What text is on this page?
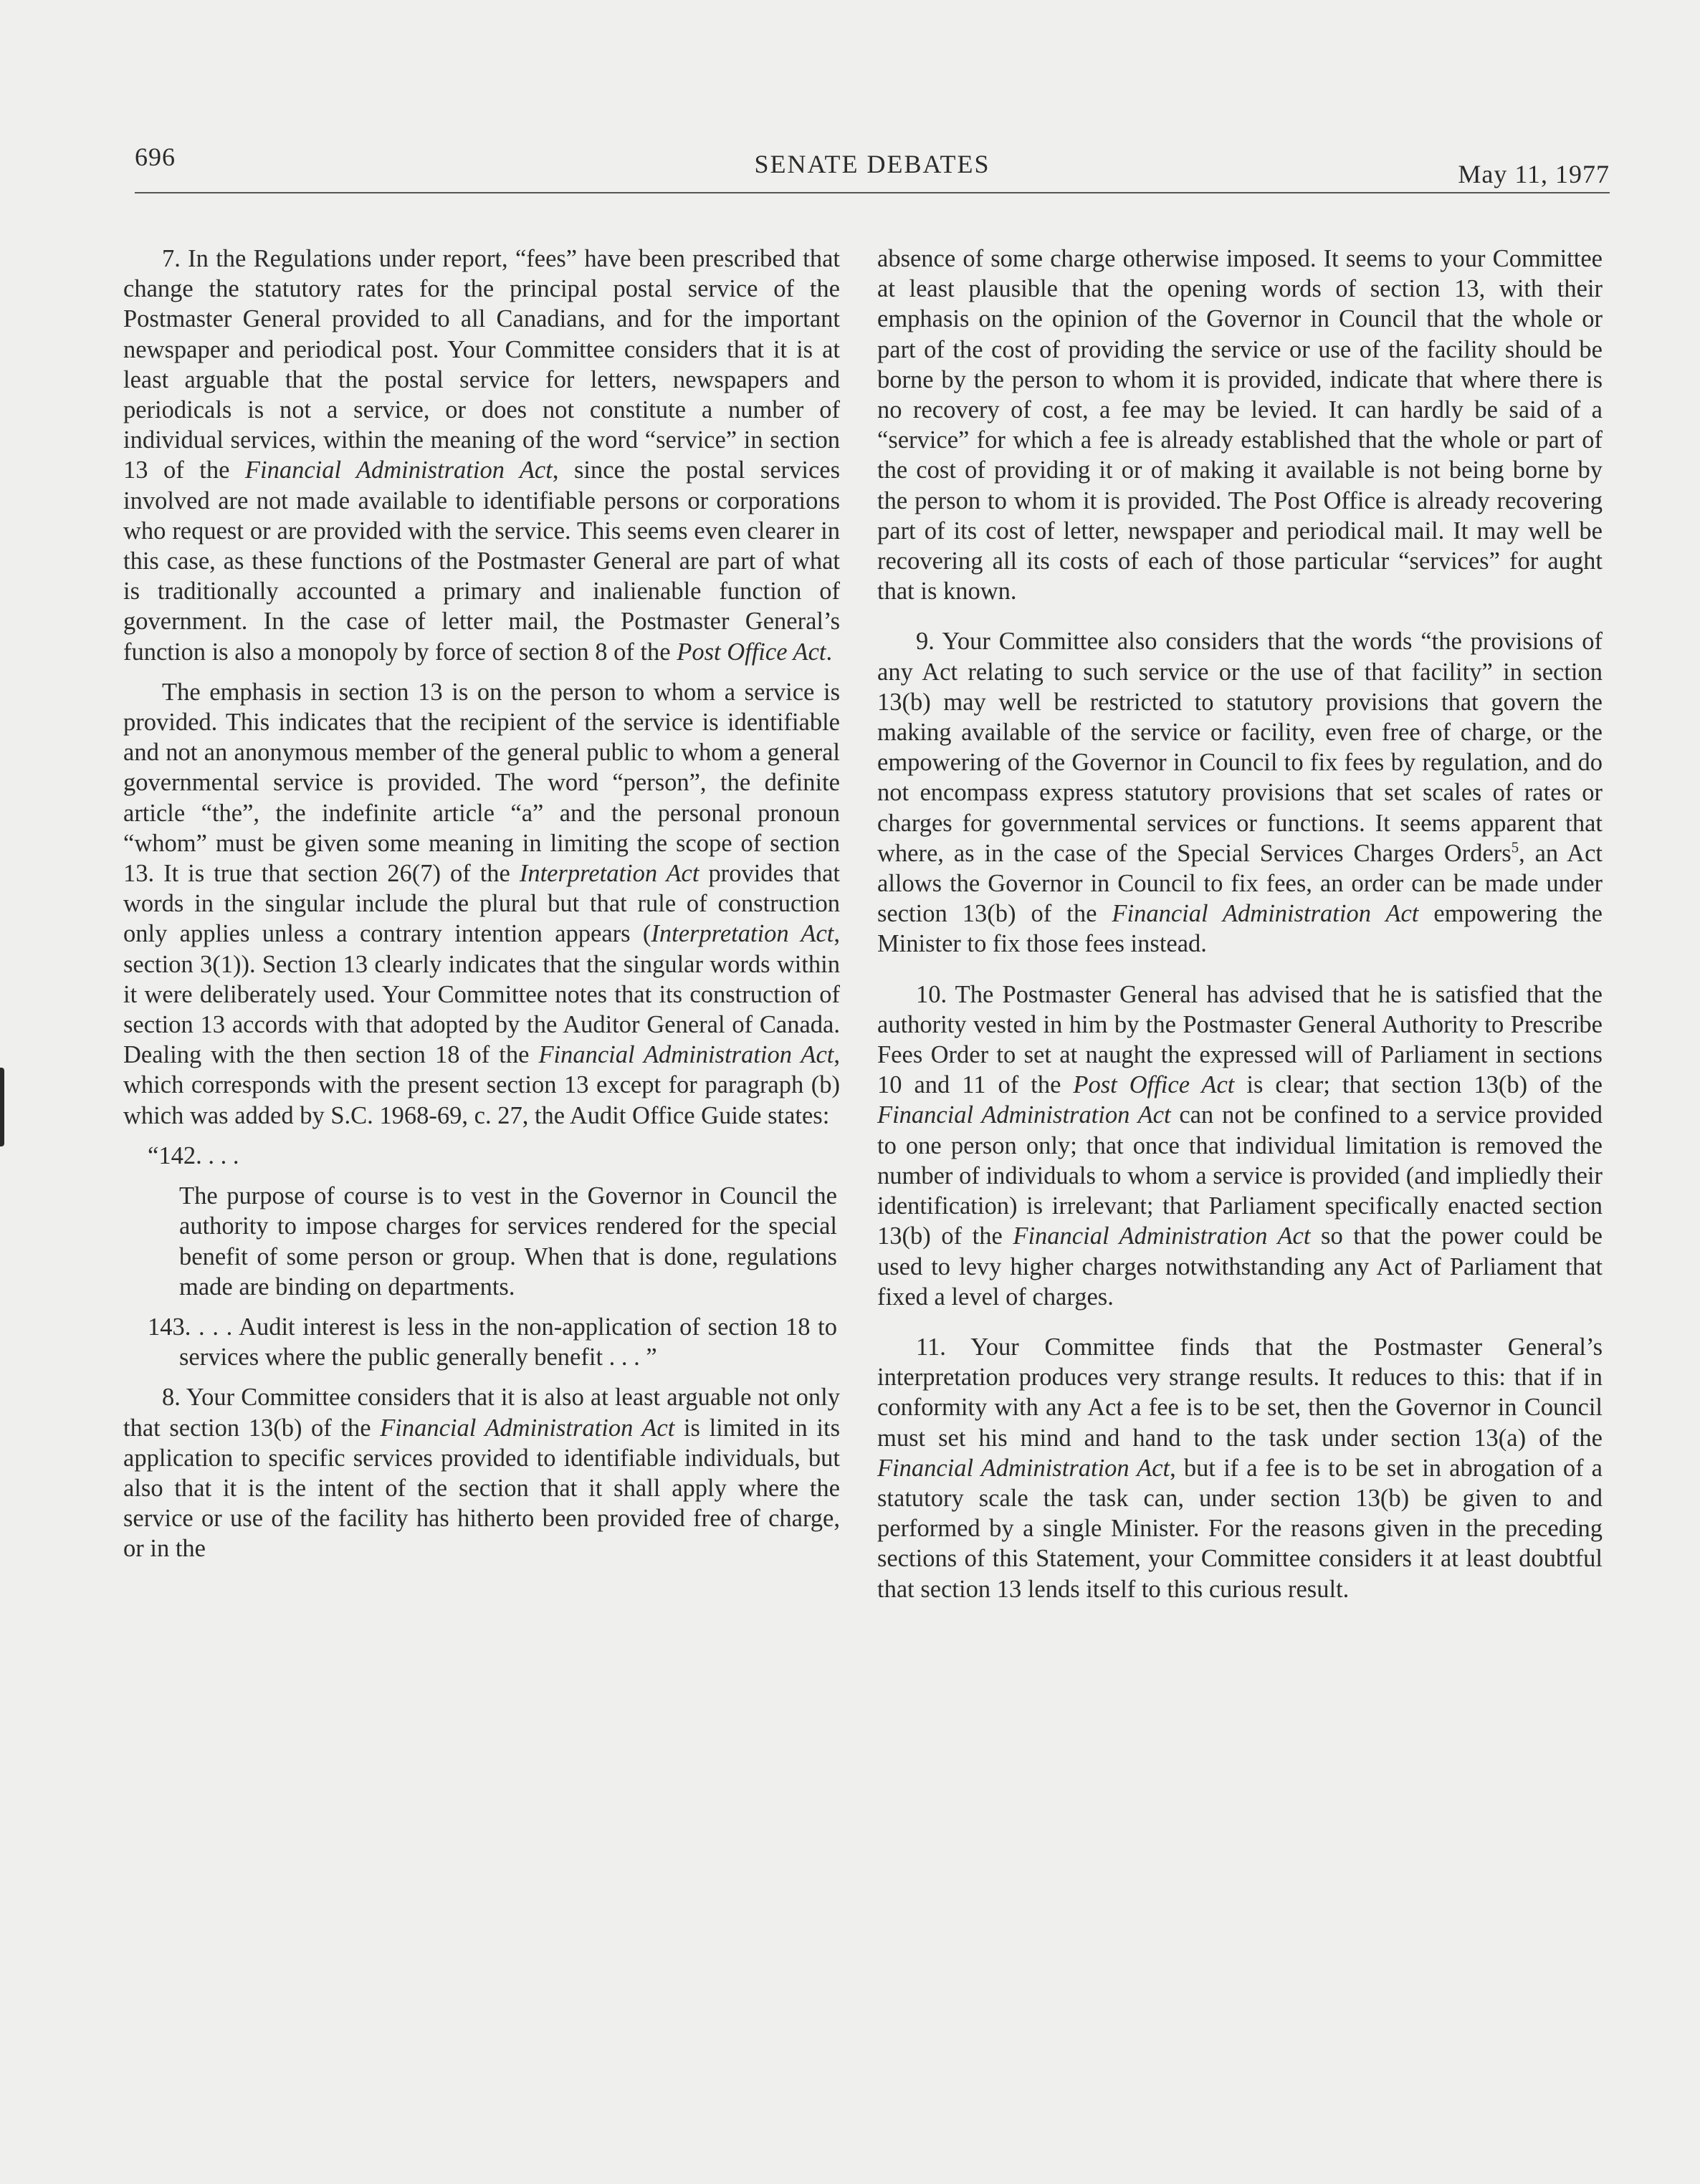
696	SENATE DEBATES	May 11, 1977

7. In the Regulations under report, “fees” have been prescribed that change the statutory rates for the principal postal service of the Postmaster General provided to all Canadians, and for the important newspaper and periodical post. Your Committee considers that it is at least arguable that the postal service for letters, newspapers and periodicals is not a service, or does not constitute a number of individual services, within the meaning of the word “service” in section 13 of the Financial Administration Act, since the postal services involved are not made available to identifiable persons or corporations who request or are provided with the service. This seems even clearer in this case, as these functions of the Postmaster General are part of what is traditionally accounted a primary and inalienable function of government. In the case of letter mail, the Postmaster General’s function is also a monopoly by force of section 8 of the Post Office Act.

The emphasis in section 13 is on the person to whom a service is provided. This indicates that the recipient of the service is identifiable and not an anonymous member of the general public to whom a general governmental service is provided. The word “person”, the definite article “the”, the indefinite article “a” and the personal pronoun “whom” must be given some meaning in limiting the scope of section 13. It is true that section 26(7) of the Interpretation Act provides that words in the singular include the plural but that rule of construction only applies unless a contrary intention appears (Interpretation Act, section 3(1)). Section 13 clearly indicates that the singular words within it were deliberately used. Your Committee notes that its construction of section 13 accords with that adopted by the Auditor General of Canada. Dealing with the then section 18 of the Financial Administration Act, which corresponds with the present section 13 except for paragraph (b) which was added by S.C. 1968-69, c. 27, the Audit Office Guide states:

“142. . . .

The purpose of course is to vest in the Governor in Council the authority to impose charges for services rendered for the special benefit of some person or group. When that is done, regulations made are binding on departments.

143. . . . Audit interest is less in the non-application of section 18 to services where the public generally benefit . . . ”

8. Your Committee considers that it is also at least arguable not only that section 13(b) of the Financial Administration Act is limited in its application to specific services provided to identifiable individuals, but also that it is the intent of the section that it shall apply where the service or use of the facility has hitherto been provided free of charge, or in the

absence of some charge otherwise imposed. It seems to your Committee at least plausible that the opening words of section 13, with their emphasis on the opinion of the Governor in Council that the whole or part of the cost of providing the service or use of the facility should be borne by the person to whom it is provided, indicate that where there is no recovery of cost, a fee may be levied. It can hardly be said of a “service” for which a fee is already established that the whole or part of the cost of providing it or of making it available is not being borne by the person to whom it is provided. The Post Office is already recovering part of its cost of letter, newspaper and periodical mail. It may well be recovering all its costs of each of those particular “services” for aught that is known.

9. Your Committee also considers that the words “the provisions of any Act relating to such service or the use of that facility” in section 13(b) may well be restricted to statutory provisions that govern the making available of the service or facility, even free of charge, or the empowering of the Governor in Council to fix fees by regulation, and do not encompass express statutory provisions that set scales of rates or charges for governmental services or functions. It seems apparent that where, as in the case of the Special Services Charges Orders$^5$, an Act allows the Governor in Council to fix fees, an order can be made under section 13(b) of the Financial Administration Act empowering the Minister to fix those fees instead.

10. The Postmaster General has advised that he is satisfied that the authority vested in him by the Postmaster General Authority to Prescribe Fees Order to set at naught the expressed will of Parliament in sections 10 and 11 of the Post Office Act is clear; that section 13(b) of the Financial Administration Act can not be confined to a service provided to one person only; that once that individual limitation is removed the number of individuals to whom a service is provided (and impliedly their identification) is irrelevant; that Parliament specifically enacted section 13(b) of the Financial Administration Act so that the power could be used to levy higher charges notwithstanding any Act of Parliament that fixed a level of charges.

11. Your Committee finds that the Postmaster General’s interpretation produces very strange results. It reduces to this: that if in conformity with any Act a fee is to be set, then the Governor in Council must set his mind and hand to the task under section 13(a) of the Financial Administration Act, but if a fee is to be set in abrogation of a statutory scale the task can, under section 13(b) be given to and performed by a single Minister. For the reasons given in the preceding sections of this Statement, your Committee considers it at least doubtful that section 13 lends itself to this curious result.
